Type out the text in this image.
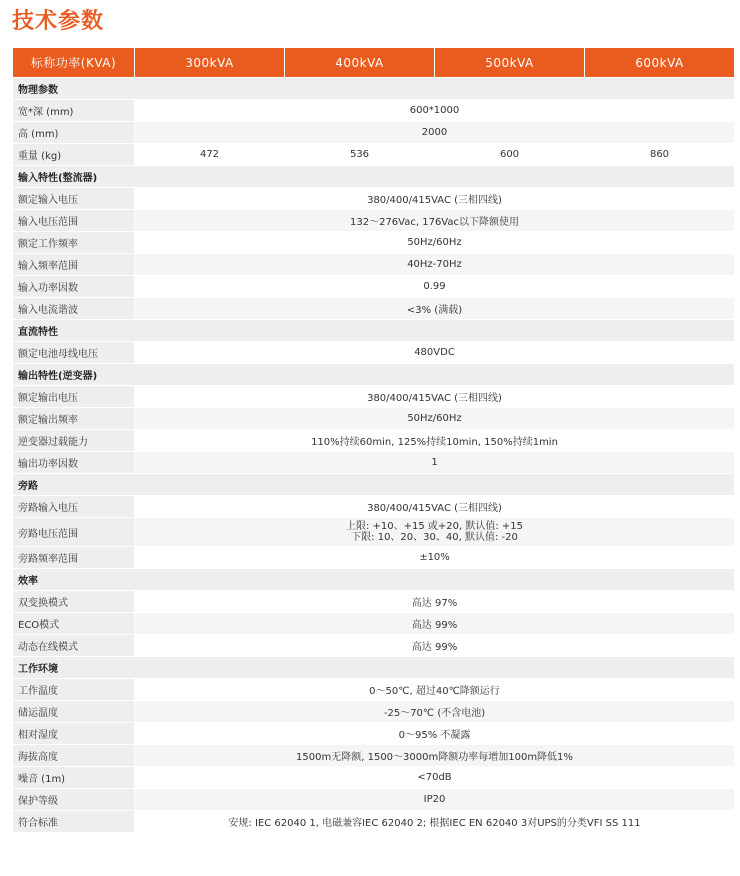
技术参数
标称功率(KVA)	300kVA	400kVA	500kVA	600kVA
物理参数				
宽*深 (mm)	600*1000			
高 (mm)	2000			
重量 (kg)	472	536	600	860
输入特性(整流器)				
额定输入电压	380/400/415VAC (三相四线)			
输入电压范围	132～276Vac, 176Vac以下降额使用			
额定工作频率	50Hz/60Hz			
输入频率范围	40Hz-70Hz			
输入功率因数	0.99			
输入电流谐波	<3% (满载)			
直流特性				
额定电池母线电压	480VDC			
输出特性(逆变器)				
额定输出电压	380/400/415VAC (三相四线)			
额定输出频率	50Hz/60Hz			
逆变器过载能力	110%持续60min, 125%持续10min, 150%持续1min			
输出功率因数	1			
旁路				
旁路输入电压	380/400/415VAC (三相四线)			
旁路电压范围	上限: +10、+15 或+20, 默认值: +15
下限: 10、20、30、40, 默认值: -20			

旁路频率范围	±10%			
效率				
双变换模式	高达 97%			
ECO模式	高达 99%			
动态在线模式	高达 99%			
工作环境				
工作温度	0～50℃, 超过40℃降额运行			
储运温度	-25～70℃ (不含电池)			
相对湿度	0～95% 不凝露			
海拔高度	1500m无降额, 1500～3000m降额功率每增加100m降低1%			
噪音 (1m)	<70dB			
保护等级	IP20			
符合标准	安规: IEC 62040 1, 电磁兼容IEC 62040 2; 根据IEC EN 62040 3对UPS的分类VFI SS 111			
